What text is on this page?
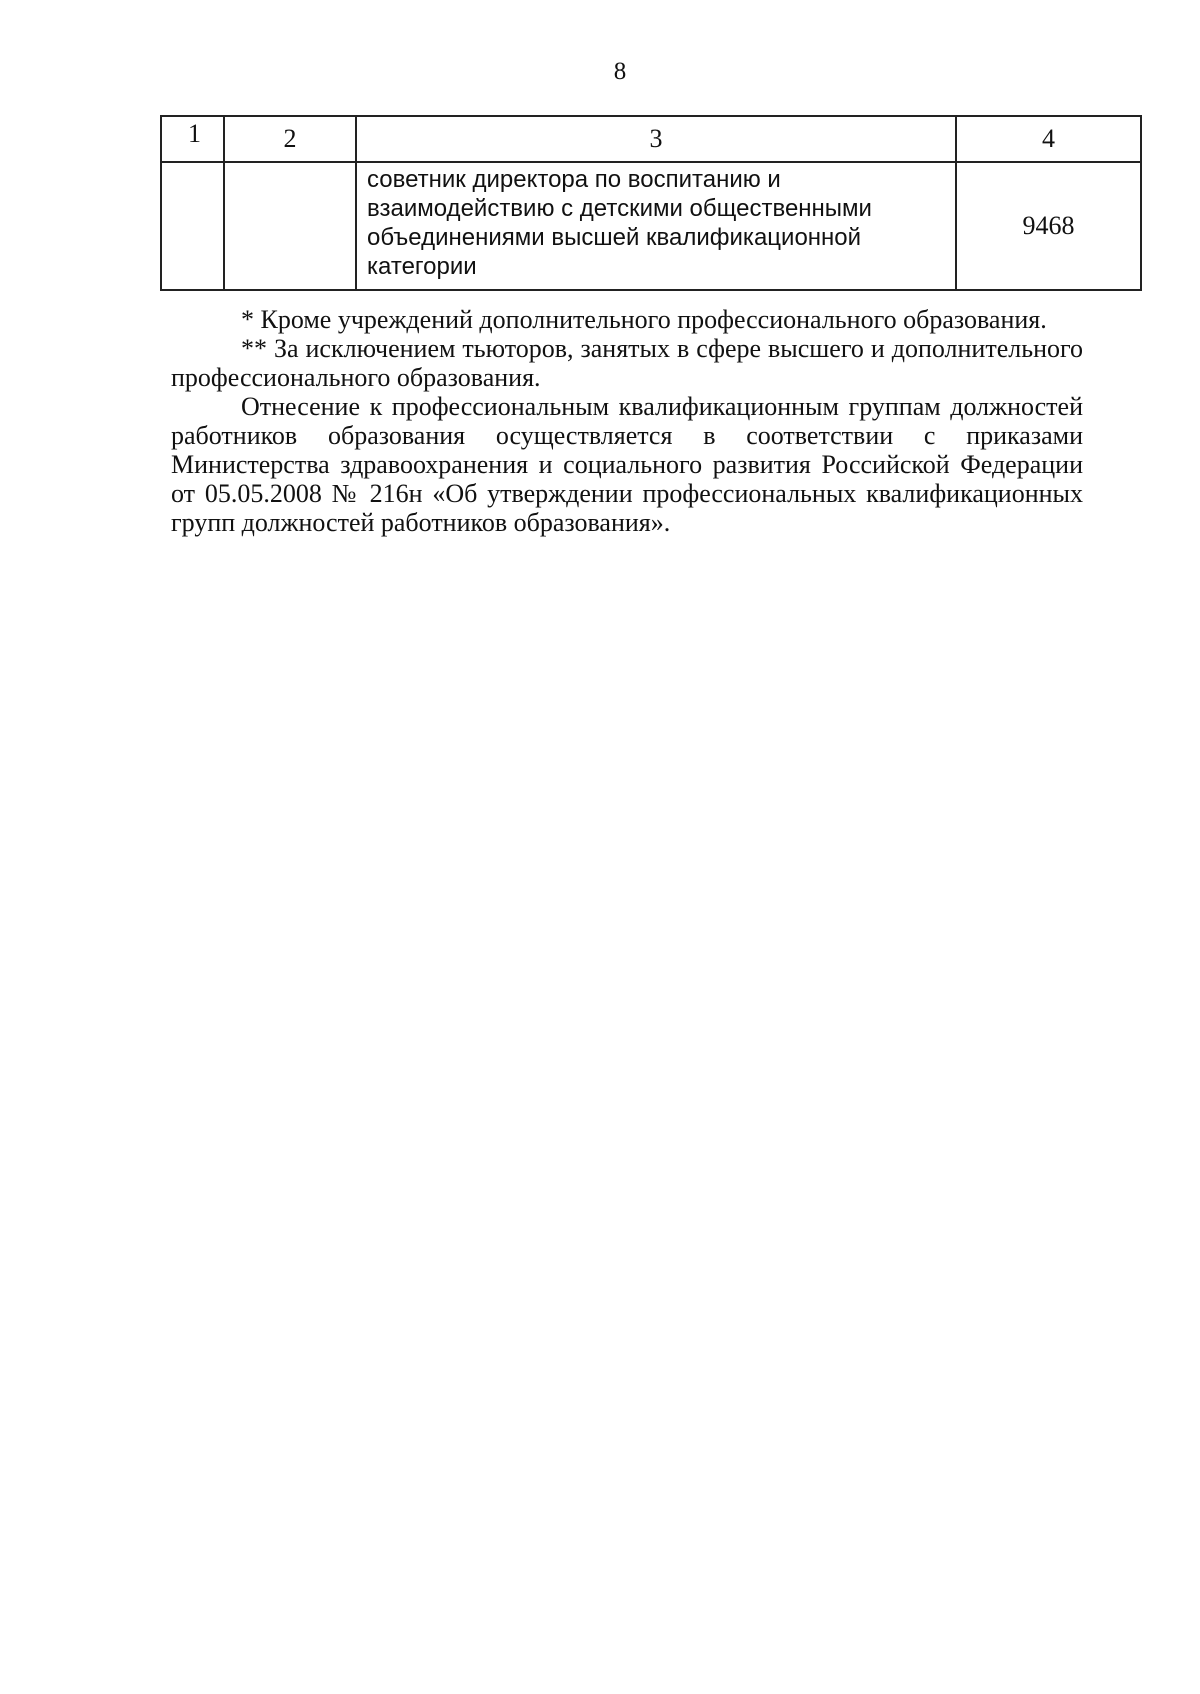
8
1	2	3	4
		советник директора по воспитанию и взаимодействию с детскими общественными объединениями высшей квалификационной категории	9468

* Кроме учреждений дополнительного профессионального образования.

** За исключением тьюторов, занятых в сфере высшего и дополнительного профессионального образования.

Отнесение к профессиональным квалификационным группам должностей работников образования осуществляется в соответствии с приказами Министерства здравоохранения и социального развития Российской Федерации от 05.05.2008 № 216н «Об утверждении профессиональных квалификационных групп должностей работников образования».
